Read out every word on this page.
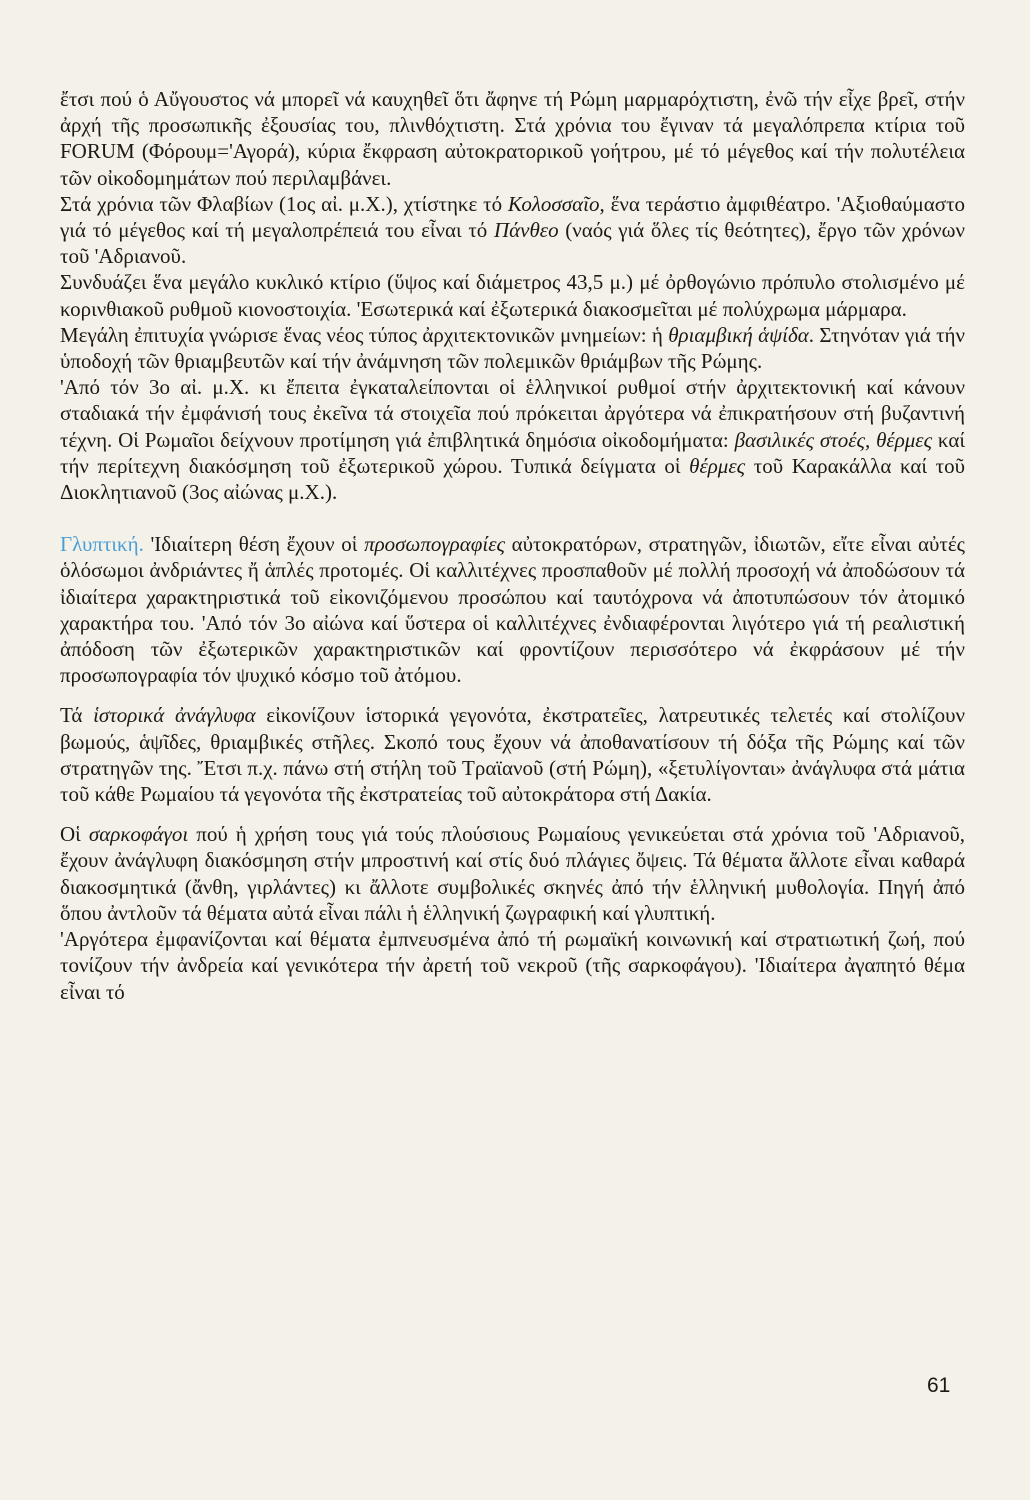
ἔτσι πού ὁ Αὔγουστος νά μπορεῖ νά καυχηθεῖ ὅτι ἄφηνε τή Ρώμη μαρμαρόχτιστη, ἐνῶ τήν εἶχε βρεῖ, στήν ἀρχή τῆς προσωπικῆς ἐξουσίας του, πλινθόχτιστη. Στά χρόνια του ἔγιναν τά μεγαλόπρεπα κτίρια τοῦ FORUM (Φόρουμ='Αγορά), κύρια ἔκφραση αὐτοκρατορικοῦ γοήτρου, μέ τό μέγεθος καί τήν πολυτέλεια τῶν οἰκοδομημάτων πού περιλαμβάνει.

Στά χρόνια τῶν Φλαβίων (1ος αἰ. μ.Χ.), χτίστηκε τό Κολοσσαῖο, ἕνα τεράστιο ἀμφιθέατρο. 'Αξιοθαύμαστο γιά τό μέγεθος καί τή μεγαλοπρέπειά του εἶναι τό Πάνθεο (ναός γιά ὅλες τίς θεότητες), ἔργο τῶν χρόνων τοῦ 'Αδριανοῦ.

Συνδυάζει ἕνα μεγάλο κυκλικό κτίριο (ὕψος καί διάμετρος 43,5 μ.) μέ ὀρθογώνιο πρόπυλο στολισμένο μέ κορινθιακοῦ ρυθμοῦ κιονοστοιχία. 'Εσωτερικά καί ἐξωτερικά διακοσμεῖται μέ πολύχρωμα μάρμαρα.

Μεγάλη ἐπιτυχία γνώρισε ἕνας νέος τύπος ἀρχιτεκτονικῶν μνημείων: ἡ θριαμβική ἁψίδα. Στηνόταν γιά τήν ὑποδοχή τῶν θριαμβευτῶν καί τήν ἀνάμνηση τῶν πολεμικῶν θριάμβων τῆς Ρώμης.

'Από τόν 3ο αἰ. μ.Χ. κι ἔπειτα ἐγκαταλείπονται οἱ ἑλληνικοί ρυθμοί στήν ἀρχιτεκτονική καί κάνουν σταδιακά τήν ἐμφάνισή τους ἐκεῖνα τά στοιχεῖα πού πρόκειται ἀργότερα νά ἐπικρατήσουν στή βυζαντινή τέχνη. Οἱ Ρωμαῖοι δείχνουν προτίμηση γιά ἐπιβλητικά δημόσια οἰκοδομήματα: βασιλικές στοές, θέρμες καί τήν περίτεχνη διακόσμηση τοῦ ἐξωτερικοῦ χώρου. Τυπικά δείγματα οἱ θέρμες τοῦ Καρακάλλα καί τοῦ Διοκλητιανοῦ (3ος αἰώνας μ.Χ.).

Γλυπτική. 'Ιδιαίτερη θέση ἔχουν οἱ προσωπογραφίες αὐτοκρατόρων, στρατηγῶν, ἰδιωτῶν, εἴτε εἶναι αὐτές ὁλόσωμοι ἀνδριάντες ἤ ἁπλές προτομές. Οἱ καλλιτέχνες προσπαθοῦν μέ πολλή προσοχή νά ἀποδώσουν τά ἰδιαίτερα χαρακτηριστικά τοῦ εἰκονιζόμενου προσώπου καί ταυτόχρονα νά ἀποτυπώσουν τόν ἀτομικό χαρακτήρα του. 'Από τόν 3ο αἰώνα καί ὕστερα οἱ καλλιτέχνες ἐνδιαφέρονται λιγότερο γιά τή ρεαλιστική ἀπόδοση τῶν ἐξωτερικῶν χαρακτηριστικῶν καί φροντίζουν περισσότερο νά ἐκφράσουν μέ τήν προσωπογραφία τόν ψυχικό κόσμο τοῦ ἀτόμου.

Τά ἱστορικά ἀνάγλυφα εἰκονίζουν ἱστορικά γεγονότα, ἐκστρατεῖες, λατρευτικές τελετές καί στολίζουν βωμούς, ἁψῖδες, θριαμβικές στῆλες. Σκοπό τους ἔχουν νά ἀποθανατίσουν τή δόξα τῆς Ρώμης καί τῶν στρατηγῶν της. Ἔτσι π.χ. πάνω στή στήλη τοῦ Τραϊανοῦ (στή Ρώμη), «ξετυλίγονται» ἀνάγλυφα στά μάτια τοῦ κάθε Ρωμαίου τά γεγονότα τῆς ἐκστρατείας τοῦ αὐτοκράτορα στή Δακία.

Οἱ σαρκοφάγοι πού ἡ χρήση τους γιά τούς πλούσιους Ρωμαίους γενικεύεται στά χρόνια τοῦ 'Αδριανοῦ, ἔχουν ἀνάγλυφη διακόσμηση στήν μπροστινή καί στίς δυό πλάγιες ὄψεις. Τά θέματα ἄλλοτε εἶναι καθαρά διακοσμητικά (ἄνθη, γιρλάντες) κι ἄλλοτε συμβολικές σκηνές ἀπό τήν ἑλληνική μυθολογία. Πηγή ἀπό ὅπου ἀντλοῦν τά θέματα αὐτά εἶναι πάλι ἡ ἑλληνική ζωγραφική καί γλυπτική.

'Αργότερα ἐμφανίζονται καί θέματα ἐμπνευσμένα ἀπό τή ρωμαϊκή κοινωνική καί στρατιωτική ζωή, πού τονίζουν τήν ἀνδρεία καί γενικότερα τήν ἀρετή τοῦ νεκροῦ (τῆς σαρκοφάγου). 'Ιδιαίτερα ἀγαπητό θέμα εἶναι τό

61
